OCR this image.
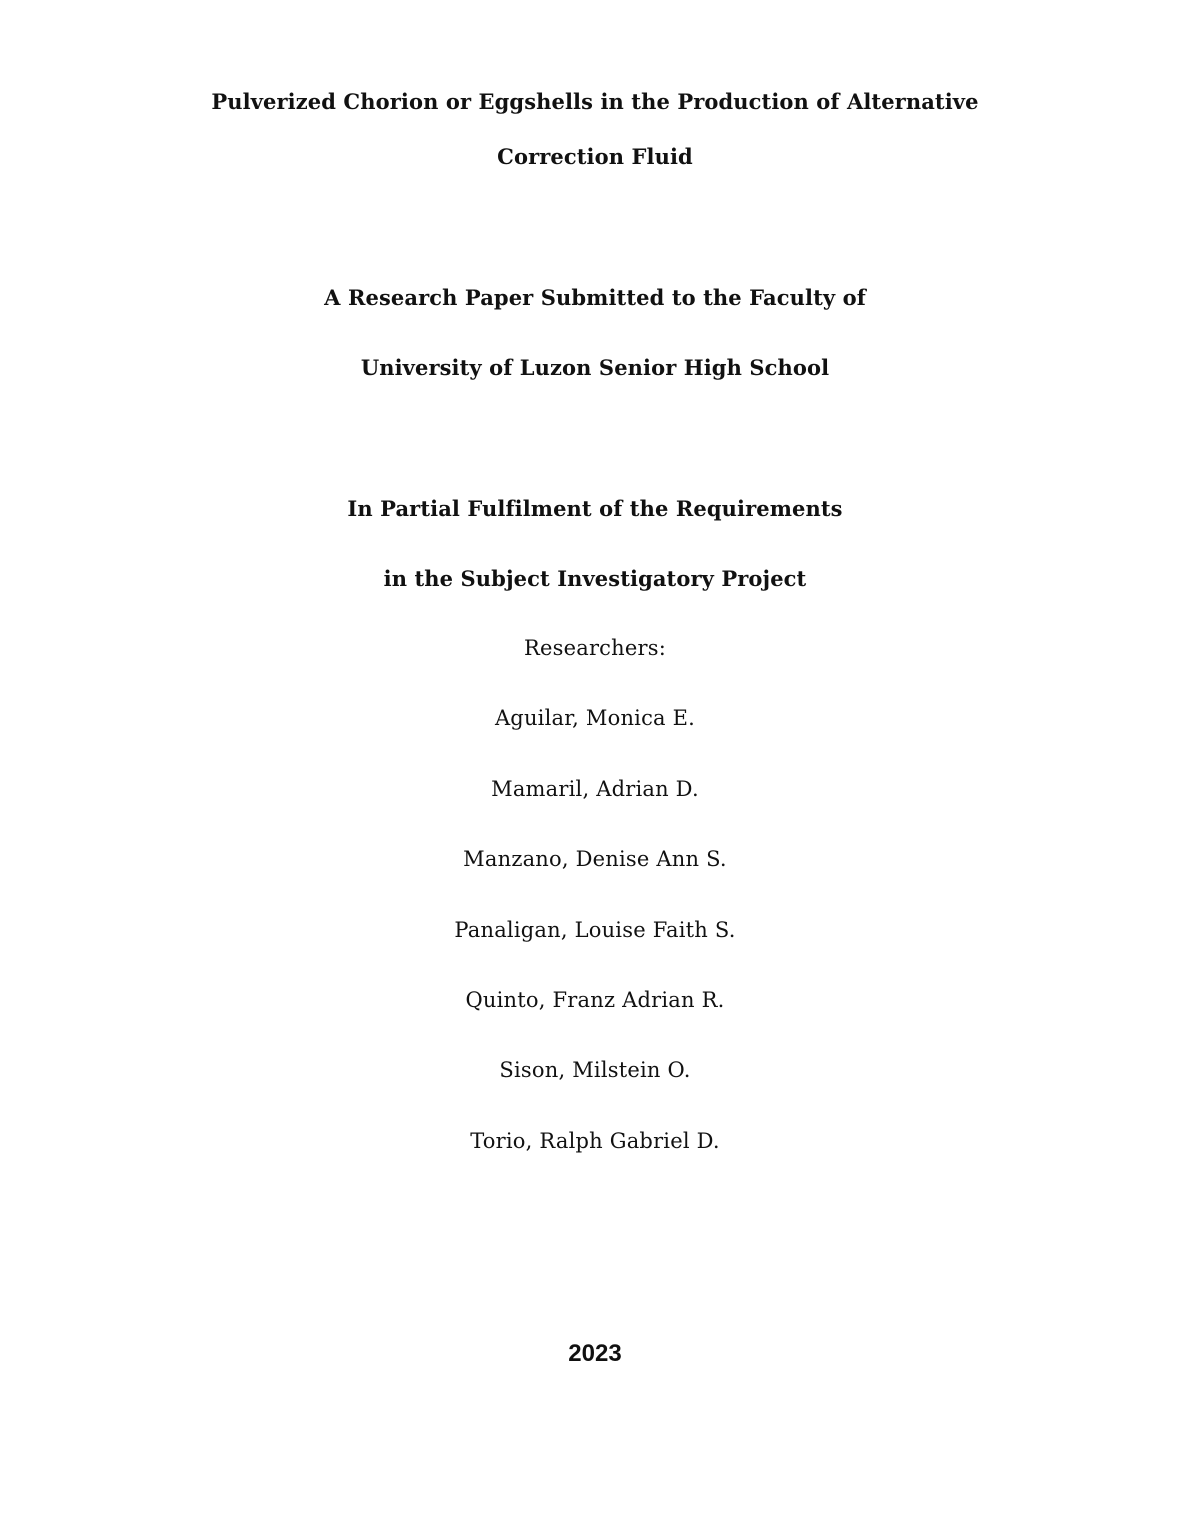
Pulverized Chorion or Eggshells in the Production of Alternative
Correction Fluid
A Research Paper Submitted to the Faculty of
University of Luzon Senior High School
In Partial Fulfilment of the Requirements
in the Subject Investigatory Project
Researchers:
Aguilar, Monica E.
Mamaril, Adrian D.
Manzano, Denise Ann S.
Panaligan, Louise Faith S.
Quinto, Franz Adrian R.
Sison, Milstein O.
Torio, Ralph Gabriel D.
2023
